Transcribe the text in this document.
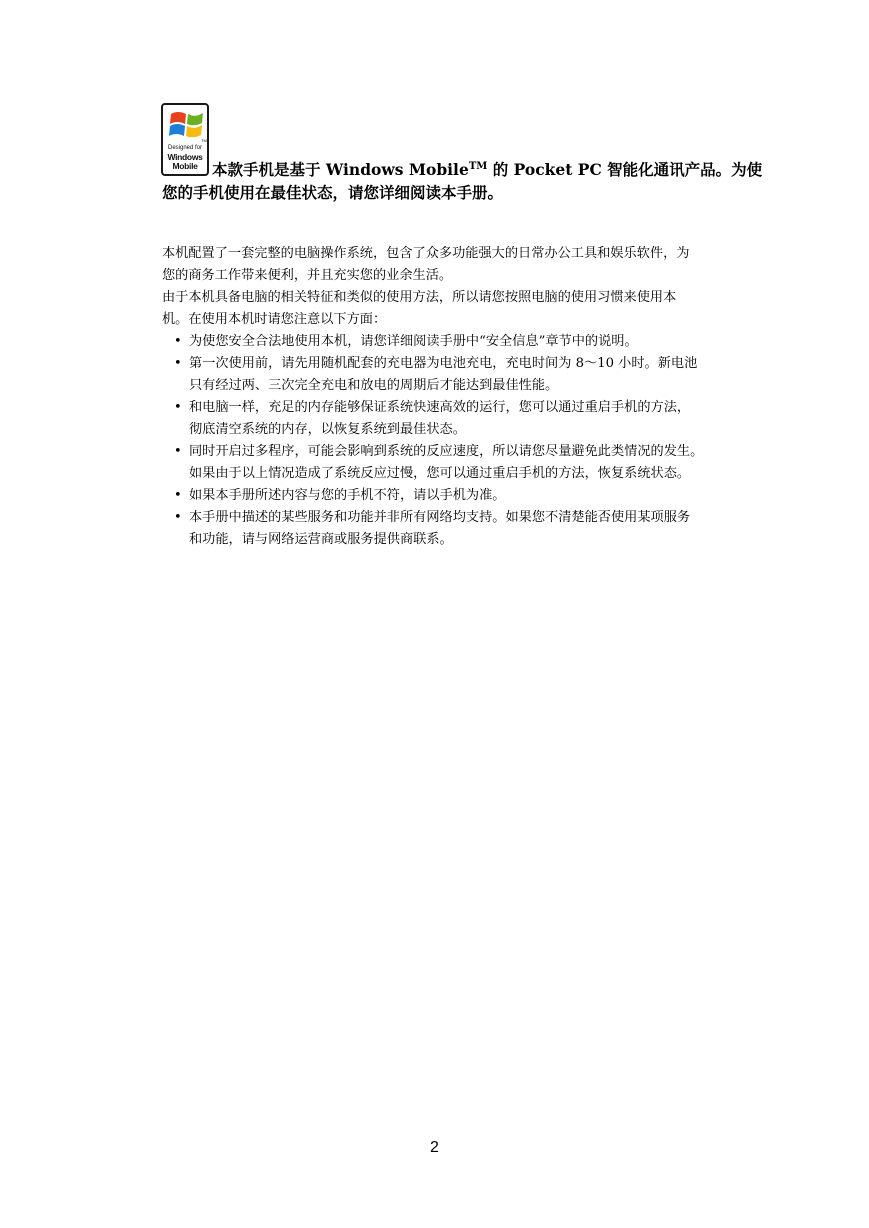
TM
Designed for
Windows
Mobile 本款手机是基于 Windows Mobile™ 的 Pocket PC 智能化通讯产品。为使
您的手机使用在最佳状态，请您详细阅读本手册。

本机配置了一套完整的电脑操作系统，包含了众多功能强大的日常办公工具和娱乐软件，为
您的商务工作带来便利，并且充实您的业余生活。

由于本机具备电脑的相关特征和类似的使用方法，所以请您按照电脑的使用习惯来使用本
机。在使用本机时请您注意以下方面：

• 为使您安全合法地使用本机，请您详细阅读手册中“安全信息”章节中的说明。
• 第一次使用前，请先用随机配套的充电器为电池充电，充电时间为 8～10 小时。新电池
只有经过两、三次完全充电和放电的周期后才能达到最佳性能。
• 和电脑一样，充足的内存能够保证系统快速高效的运行，您可以通过重启手机的方法，
彻底清空系统的内存，以恢复系统到最佳状态。
• 同时开启过多程序，可能会影响到系统的反应速度，所以请您尽量避免此类情况的发生。
如果由于以上情况造成了系统反应过慢，您可以通过重启手机的方法，恢复系统状态。
• 如果本手册所述内容与您的手机不符，请以手机为准。
• 本手册中描述的某些服务和功能并非所有网络均支持。如果您不清楚能否使用某项服务
和功能，请与网络运营商或服务提供商联系。
2
